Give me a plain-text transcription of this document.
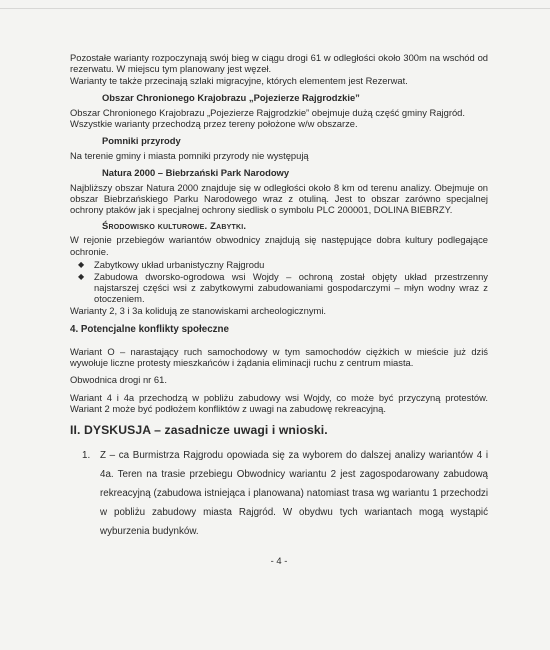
Pozostałe warianty rozpoczynają swój bieg w ciągu drogi 61 w odległości około 300m na wschód od rezerwatu. W miejscu tym planowany jest węzeł.

Warianty te także przecinają szlaki migracyjne, których elementem jest Rezerwat.

Obszar Chronionego Krajobrazu „Pojezierze Rajgrodzkie”

Obszar Chronionego Krajobrazu „Pojezierze Rajgrodzkie” obejmuje dużą część gminy Rajgród.

Wszystkie warianty przechodzą przez tereny położone w/w obszarze.

Pomniki przyrody

Na terenie gminy i miasta pomniki przyrody nie występują

Natura 2000 – Biebrzański Park Narodowy

Najbliższy obszar Natura 2000 znajduje się w odległości około 8 km od terenu analizy. Obejmuje on obszar Biebrzańskiego Parku Narodowego wraz z otuliną. Jest to obszar zarówno specjalnej ochrony ptaków jak i specjalnej ochrony siedlisk o symbolu PLC 200001, DOLINA BIEBRZY.

Środowisko kulturowe. Zabytki.

W rejonie przebiegów wariantów obwodnicy znajdują się następujące dobra kultury podlegające ochronie.

◆ Zabytkowy układ urbanistyczny Rajgrodu
◆ Zabudowa dworsko-ogrodowa wsi Wojdy – ochroną został objęty układ przestrzenny najstarszej części wsi z zabytkowymi zabudowaniami gospodarczymi – młyn wodny wraz z otoczeniem.

Warianty 2, 3 i 3a kolidują ze stanowiskami archeologicznymi.

4. Potencjalne konflikty społeczne

Wariant O – narastający ruch samochodowy w tym samochodów ciężkich w mieście już dziś wywołuje liczne protesty mieszkańców i żądania eliminacji ruchu z centrum miasta.

Obwodnica drogi nr 61.

Wariant 4 i 4a przechodzą w pobliżu zabudowy wsi Wojdy, co może być przyczyną protestów. Wariant 2 może być podłożem konfliktów z uwagi na zabudowę rekreacyjną.

II. DYSKUSJA – zasadnicze uwagi i wnioski.

1. Z – ca Burmistrza Rajgrodu opowiada się za wyborem do dalszej analizy wariantów 4 i 4a. Teren na trasie przebiegu Obwodnicy wariantu 2 jest zagospodarowany zabudową rekreacyjną (zabudowa istniejąca i planowana) natomiast trasa wg wariantu 1 przechodzi w pobliżu zabudowy miasta Rajgród. W obydwu tych wariantach mogą wystąpić wyburzenia budynków.

- 4 -
